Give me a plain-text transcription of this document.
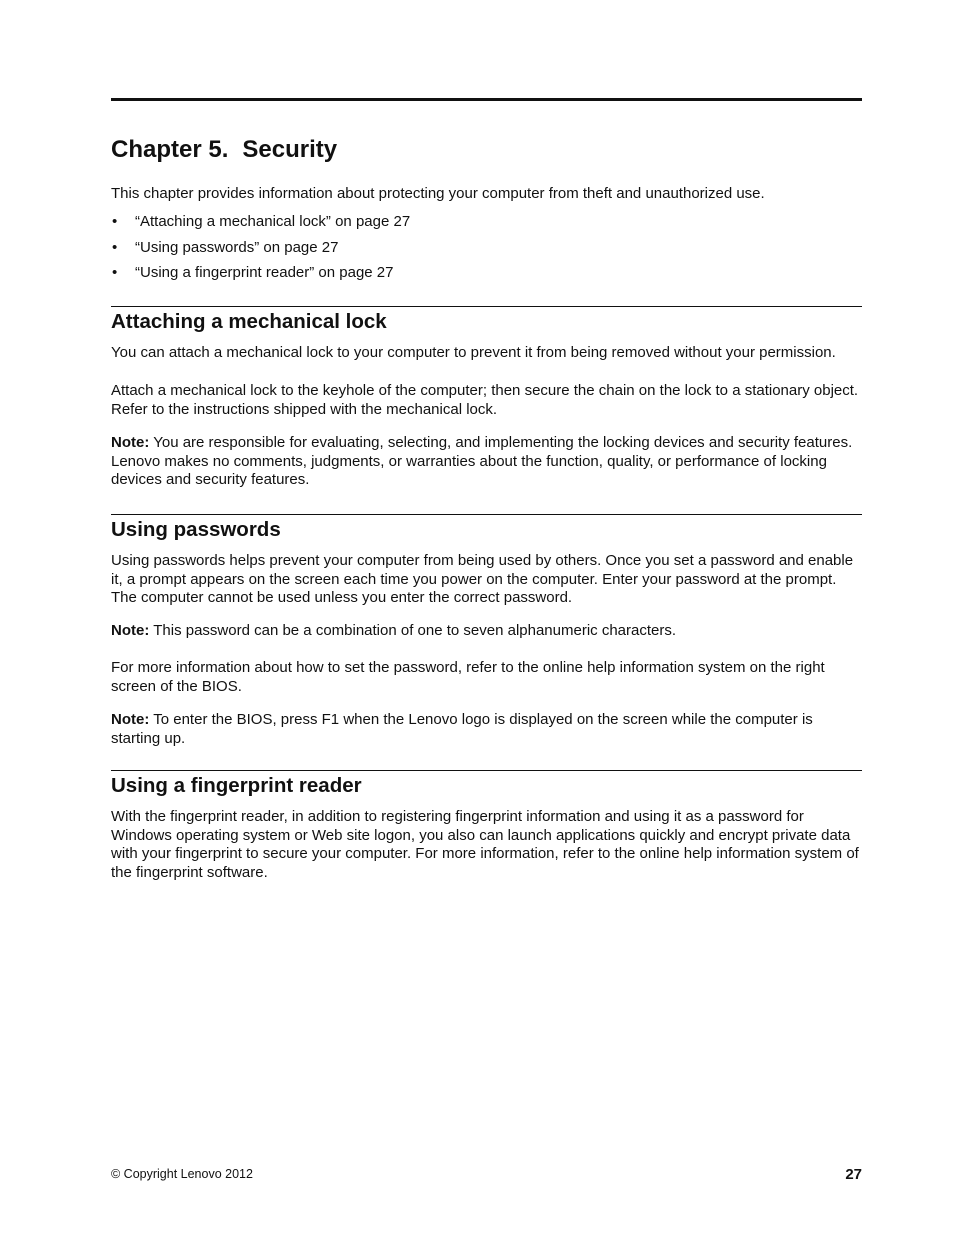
Chapter 5. Security

This chapter provides information about protecting your computer from theft and unauthorized use.

• “Attaching a mechanical lock” on page 27
• “Using passwords” on page 27
• “Using a fingerprint reader” on page 27
Attaching a mechanical lock

You can attach a mechanical lock to your computer to prevent it from being removed without your permission.

Attach a mechanical lock to the keyhole of the computer; then secure the chain on the lock to a stationary object. Refer to the instructions shipped with the mechanical lock.

Note: You are responsible for evaluating, selecting, and implementing the locking devices and security features. Lenovo makes no comments, judgments, or warranties about the function, quality, or performance of locking devices and security features.

Using passwords

Using passwords helps prevent your computer from being used by others. Once you set a password and enable it, a prompt appears on the screen each time you power on the computer. Enter your password at the prompt. The computer cannot be used unless you enter the correct password.

Note: This password can be a combination of one to seven alphanumeric characters.

For more information about how to set the password, refer to the online help information system on the right screen of the BIOS.

Note: To enter the BIOS, press F1 when the Lenovo logo is displayed on the screen while the computer is starting up.

Using a fingerprint reader

With the fingerprint reader, in addition to registering fingerprint information and using it as a password for Windows operating system or Web site logon, you also can launch applications quickly and encrypt private data with your fingerprint to secure your computer. For more information, refer to the online help information system of the fingerprint software.

© Copyright Lenovo 2012	27
